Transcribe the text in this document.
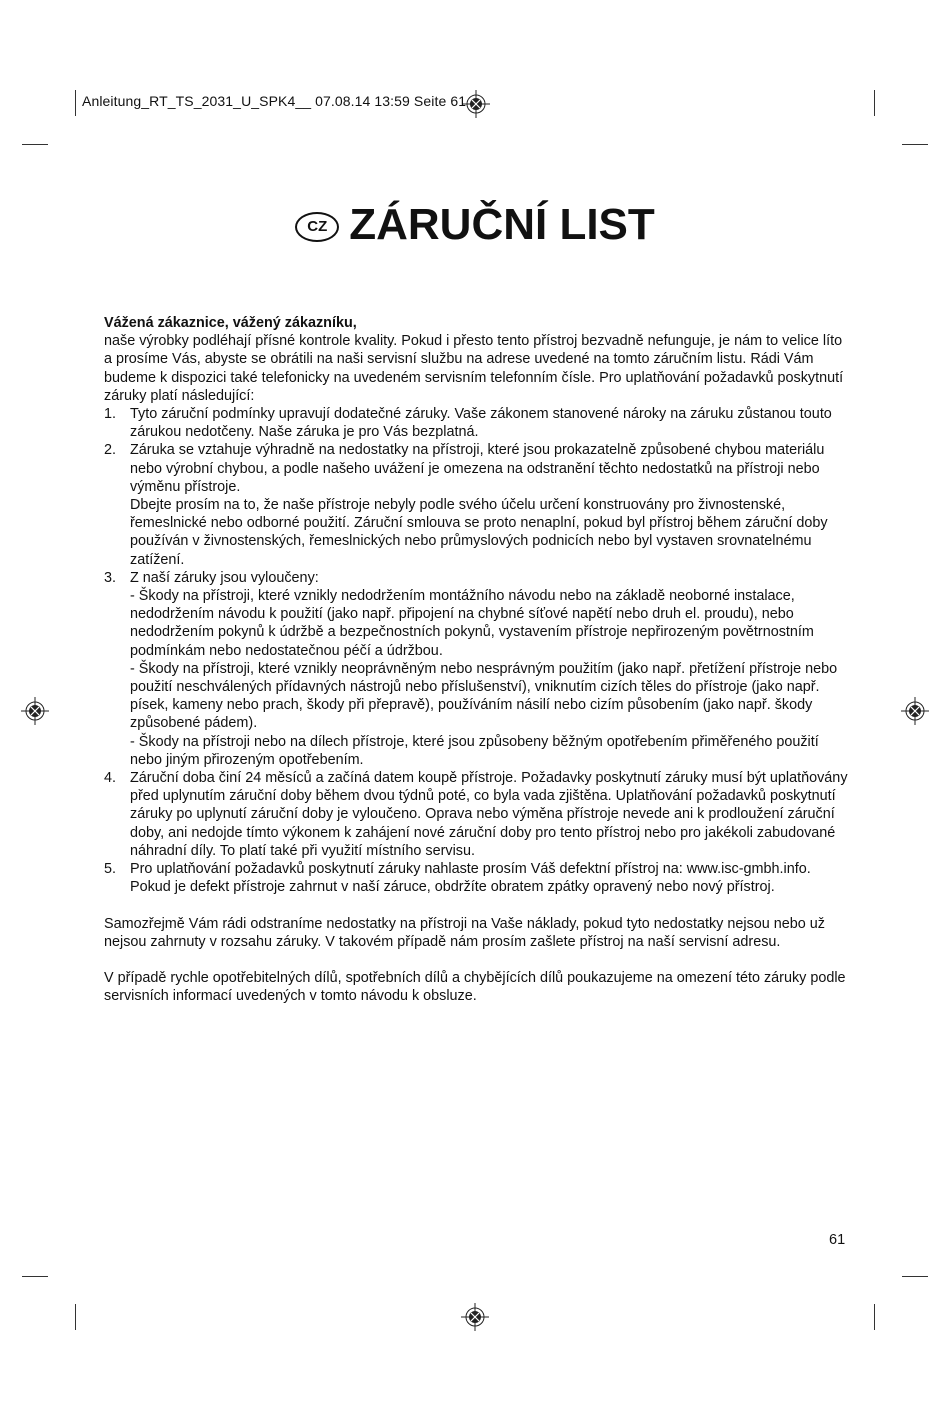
Anleitung_RT_TS_2031_U_SPK4__ 07.08.14 13:59 Seite 61
CZ ZÁRUČNÍ LIST
Vážená zákaznice, vážený zákazníku,
naše výrobky podléhají přísné kontrole kvality. Pokud i přesto tento přístroj bezvadně nefunguje, je nám to velice líto a prosíme Vás, abyste se obrátili na naši servisní službu na adrese uvedené na tomto záručním listu. Rádi Vám budeme k dispozici také telefonicky na uvedeném servisním telefonním čísle. Pro uplatňování požadavků poskytnutí záruky platí následující:
1. Tyto záruční podmínky upravují dodatečné záruky. Vaše zákonem stanovené nároky na záruku zůstanou touto zárukou nedotčeny. Naše záruka je pro Vás bezplatná.
2. Záruka se vztahuje výhradně na nedostatky na přístroji, které jsou prokazatelně způsobené chybou materiálu nebo výrobní chybou, a podle našeho uvážení je omezena na odstranění těchto nedostatků na přístroji nebo výměnu přístroje.
Dbejte prosím na to, že naše přístroje nebyly podle svého účelu určení konstruovány pro živnostenské, řemeslnické nebo odborné použití. Záruční smlouva se proto nenaplní, pokud byl přístroj během záruční doby používán v živnostenských, řemeslnických nebo průmyslových podnicích nebo byl vystaven srovnatelnému zatížení.
3. Z naší záruky jsou vyloučeny:
- Škody na přístroji, které vznikly nedodržením montážního návodu nebo na základě neoborné instalace, nedodržením návodu k použití (jako např. připojení na chybné síťové napětí nebo druh el. proudu), nebo nedodržením pokynů k údržbě a bezpečnostních pokynů, vystavením přístroje nepřirozeným povětrnostním podmínkám nebo nedostatečnou péčí a údržbou.
- Škody na přístroji, které vznikly neoprávněným nebo nesprávným použitím (jako např. přetížení přístroje nebo použití neschválených přídavných nástrojů nebo příslušenství), vniknutím cizích těles do přístroje (jako např. písek, kameny nebo prach, škody při přepravě), používáním násilí nebo cizím působením (jako např. škody způsobené pádem).
- Škody na přístroji nebo na dílech přístroje, které jsou způsobeny běžným opotřebením přiměřeného použití nebo jiným přirozeným opotřebením.
4. Záruční doba činí 24 měsíců a začíná datem koupě přístroje. Požadavky poskytnutí záruky musí být uplatňovány před uplynutím záruční doby během dvou týdnů poté, co byla vada zjištěna. Uplatňování požadavků poskytnutí záruky po uplynutí záruční doby je vyloučeno. Oprava nebo výměna přístroje nevede ani k prodloužení záruční doby, ani nedojde tímto výkonem k zahájení nové záruční doby pro tento přístroj nebo pro jakékoli zabudované náhradní díly. To platí také při využití místního servisu.
5. Pro uplatňování požadavků poskytnutí záruky nahlaste prosím Váš defektní přístroj na: www.isc-gmbh.info. Pokud je defekt přístroje zahrnut v naší záruce, obdržíte obratem zpátky opravený nebo nový přístroj.
Samozřejmě Vám rádi odstraníme nedostatky na přístroji na Vaše náklady, pokud tyto nedostatky nejsou nebo už nejsou zahrnuty v rozsahu záruky. V takovém případě nám prosím zašlete přístroj na naší servisní adresu.
V případě rychle opotřebitelných dílů, spotřebních dílů a chybějících dílů poukazujeme na omezení této záruky podle servisních informací uvedených v tomto návodu k obsluze.
61
